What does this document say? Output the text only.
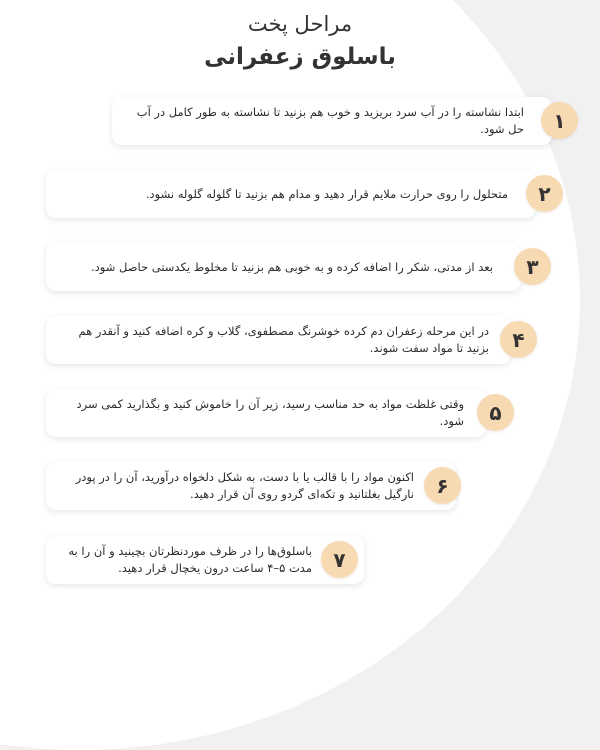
مراحل پخت
باسلوق زعفرانی
۱
ابتدا نشاسته را در آب سرد بریزید و خوب هم بزنید تا نشاسته به طور کامل در آب حل شود.
۲
متحلول را روی حرارت ملایم قرار دهید و مدام هم بزنید تا گلوله گلوله نشود.
۳
بعد از مدتی، شکر را اضافه کرده و به خوبی هم بزنید تا مخلوط یکدستی حاصل شود.
۴
در این مرحله زعفران دم کرده خوشرنگ مصطفوی، گلاب و کره اضافه کنید و آنقدر هم بزنید تا مواد سفت شوند.
۵
وقتی غلظت مواد به حد مناسب رسید، زیر آن را خاموش کنید و بگذارید کمی سرد شود.
۶
اکنون مواد را با قالب یا با دست، به شکل دلخواه درآورید، آن را در پودر نارگیل بغلتانید و تکه‌ای گردو روی آن قرار دهید.
۷
باسلوق‌ها را در ظرف موردنظرتان بچینید و آن را به مدت ۵–۴ ساعت درون یخچال قرار دهید.
